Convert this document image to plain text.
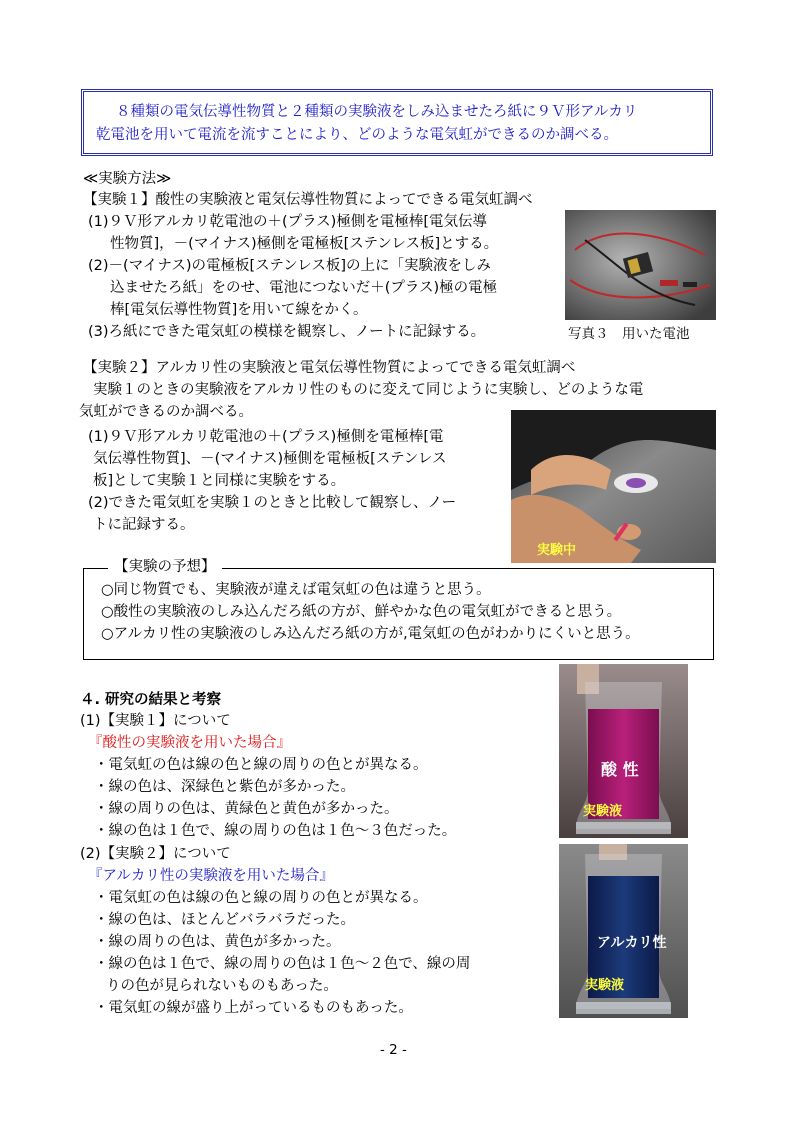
８種類の電気伝導性物質と２種類の実験液をしみ込ませたろ紙に９Ｖ形アルカリ
乾電池を用いて電流を流すことにより、どのような電気虹ができるのか調べる。
≪実験方法≫
【実験１】酸性の実験液と電気伝導性物質によってできる電気虹調べ
(1)９Ｖ形アルカリ乾電池の＋(プラス)極側を電極棒[電気伝導
性物質]，－(マイナス)極側を電極板[ステンレス板]とする。
(2)－(マイナス)の電極板[ステンレス板]の上に「実験液をしみ
込ませたろ紙」をのせ、電池につないだ＋(プラス)極の電極
棒[電気伝導性物質]を用いて線をかく。
(3)ろ紙にできた電気虹の模様を観察し、ノートに記録する。	写真３　用いた電池
【実験２】アルカリ性の実験液と電気伝導性物質によってできる電気虹調べ
実験１のときの実験液をアルカリ性のものに変えて同じように実験し、どのような電
気虹ができるのか調べる。
(1)９Ｖ形アルカリ乾電池の＋(プラス)極側を電極棒[電
気伝導性物質]、－(マイナス)極側を電極板[ステンレス
板]として実験１と同様に実験をする。
(2)できた電気虹を実験１のときと比較して観察し、ノー
トに記録する。
実験中
【実験の予想】
○同じ物質でも、実験液が違えば電気虹の色は違うと思う。
○酸性の実験液のしみ込んだろ紙の方が、鮮やかな色の電気虹ができると思う。
○アルカリ性の実験液のしみ込んだろ紙の方が,電気虹の色がわかりにくいと思う。
４. 研究の結果と考察
(1)【実験１】について
『酸性の実験液を用いた場合』
・電気虹の色は線の色と線の周りの色とが異なる。
・線の色は、深緑色と紫色が多かった。
・線の周りの色は、黄緑色と黄色が多かった。
・線の色は１色で、線の周りの色は１色～３色だった。
(2)【実験２】について
『アルカリ性の実験液を用いた場合』
・電気虹の色は線の色と線の周りの色とが異なる。
・線の色は、ほとんどバラバラだった。
・線の周りの色は、黄色が多かった。
・線の色は１色で、線の周りの色は１色～２色で、線の周
りの色が見られないものもあった。
・電気虹の線が盛り上がっているものもあった。
酸 性
実験液
アルカリ性
実験液
- 2 -
